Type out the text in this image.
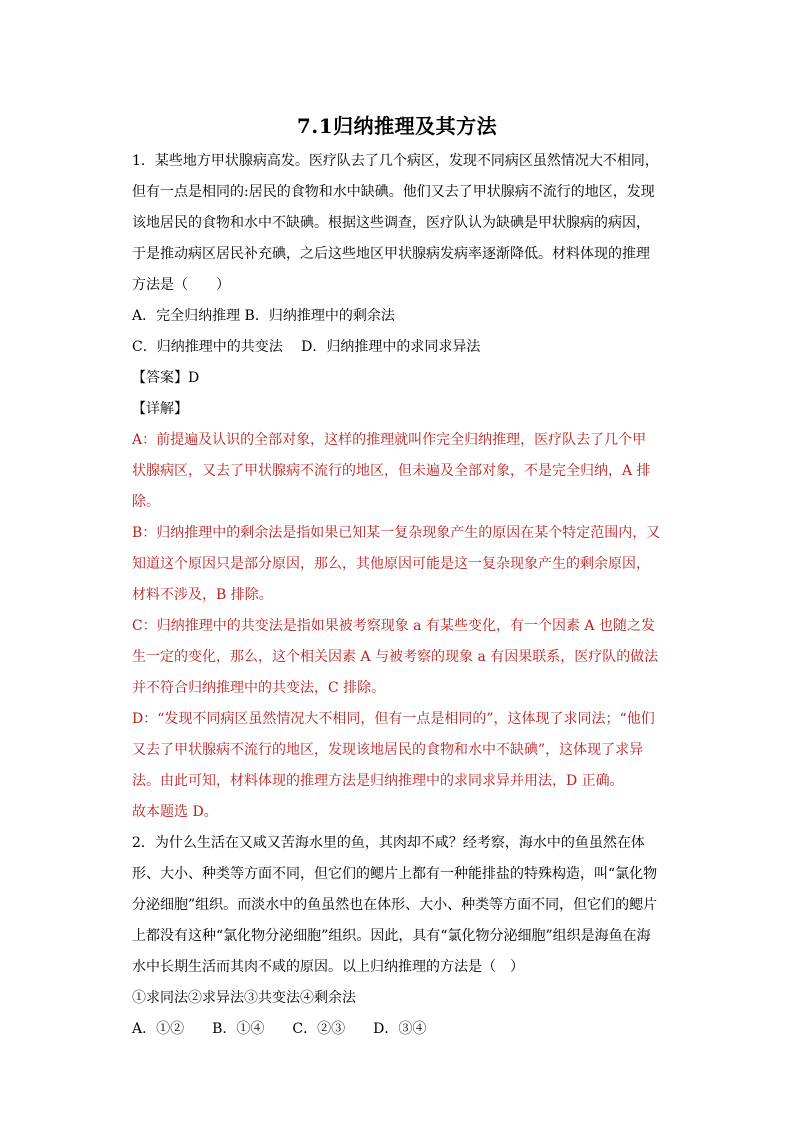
7.1归纳推理及其方法
1．某些地方甲状腺病高发。医疗队去了几个病区，发现不同病区虽然情况大不相同，
但有一点是相同的:居民的食物和水中缺碘。他们又去了甲状腺病不流行的地区，发现
该地居民的食物和水中不缺碘。根据这些调查，医疗队认为缺碘是甲状腺病的病因，
于是推动病区居民补充碘，之后这些地区甲状腺病发病率逐渐降低。材料体现的推理
方法是（　　）
A．完全归纳推理 B．归纳推理中的剩余法
C．归纳推理中的共变法　 D．归纳推理中的求同求异法
【答案】D
【详解】
A：前提遍及认识的全部对象，这样的推理就叫作完全归纳推理，医疗队去了几个甲
状腺病区，又去了甲状腺病不流行的地区，但未遍及全部对象，不是完全归纳，A 排
除。
B：归纳推理中的剩余法是指如果已知某一复杂现象产生的原因在某个特定范围内，又
知道这个原因只是部分原因，那么，其他原因可能是这一复杂现象产生的剩余原因，
材料不涉及，B 排除。
C：归纳推理中的共变法是指如果被考察现象 a 有某些变化，有一个因素 A 也随之发
生一定的变化，那么，这个相关因素 A 与被考察的现象 a 有因果联系，医疗队的做法
并不符合归纳推理中的共变法，C 排除。
D：“发现不同病区虽然情况大不相同，但有一点是相同的”，这体现了求同法；“他们
又去了甲状腺病不流行的地区，发现该地居民的食物和水中不缺碘”，这体现了求异
法。由此可知，材料体现的推理方法是归纳推理中的求同求异并用法，D 正确。
故本题选 D。
2．为什么生活在又咸又苦海水里的鱼，其肉却不咸？经考察，海水中的鱼虽然在体
形、大小、种类等方面不同，但它们的鳃片上都有一种能排盐的特殊构造，叫“氯化物
分泌细胞”组织。而淡水中的鱼虽然也在体形、大小、种类等方面不同，但它们的鳃片
上都没有这种“氯化物分泌细胞”组织。因此，具有“氯化物分泌细胞”组织是海鱼在海
水中长期生活而其肉不咸的原因。以上归纳推理的方法是（　）
①求同法②求异法③共变法④剩余法
A．①②　　B．①④　　C．②③　　D．③④
